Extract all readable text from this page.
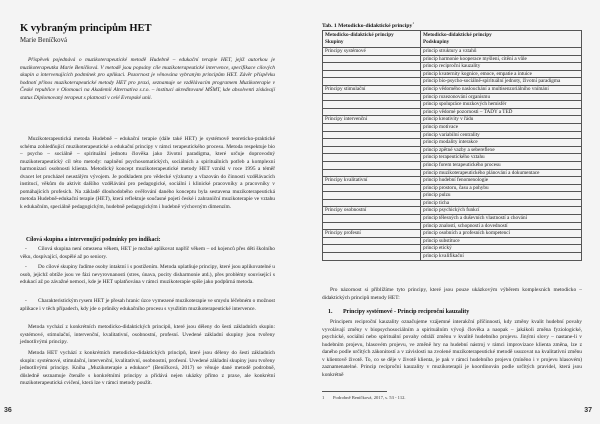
K vybraným principům HET
Marie Beníčková
Příspěvek pojednává o muzikoterapeutické metodě Hudebně – edukační terapie HET, jejíž autorkou je muzikoterapeutka Marie Beníčková. V metodě jsou popsány cíle muzikoterapeutické intervence, specifikace cílových skupin a intervenujících podmínek pro aplikaci. Pozornost je věnována vybraným principům HET. Závěr příspěvku hodnotí přínos muzikoterapeutické metody HET pro praxi, seznamuje se vzdělávacím programem Muzikoterapie v České republice v Olomouci na Akademii Alternativa s.r.o. – instituci akreditované MŠMT, kde absolventi získávají status Diplomovaný terapeut s platností v celé Evropské unii.
Muzikoterapeutická metoda Hudebně – edukační terapie (dále také HET) je systémově teoreticko-praktické schéma zohledňující muzikoterapeutické a edukační principy v rámci terapeutického procesu. Metoda respektuje bio – psycho – sociálně – spirituální jednotu člověka jako životní paradigma, které určuje doprovodný muzikoterapeutický cíl této metody: naplnění psychosomatických, sociálních a spirituálních potřeb a komplexní harmonizaci osobnosti klienta. Metodický koncept muzikoterapeutické metody HET vznikl v roce 1995 a téměř dvacet let procházel neustálým vývojem. Je podkladem pro vědecké výzkumy a vřazován do činnosti vzdělávacích institucí, věkům do aktivit dalšího vzdělávání pro pedagogické, sociální i klinické pracovníky a pracovníky v pomáhajících profesích. Na základě dlouhodobého ověřování daného konceptu byla sestavena muzikoterapeutická metoda Hudebně-edukační terapie (HET), která reflektuje současné pojetí české i zahraniční muzikoterapie ve vztahu k edukačním, speciálně pedagogickým, hudebně pedagogickým i hudebně výchovným dimenzím.
Cílová skupina a intervenující podmínky pro indikaci:
- Cílová skupina není omezena věkem, HET je možné aplikovat napříč věkem – od kojenců přes děti školního věku, dospívající, dospělé až po seniory.
- Do cílové skupiny řadíme osoby intaktní i s postižením. Metoda uplatňuje principy, které jsou aplikovatelné u osob, jejichž obtíže jsou ve fázi nevyrovnanosti (stres, únava, pocity disharmonie atd.), přes problémy související s edukací až po závažné nemoci, kde je HET uplatňována v rámci muzikoterapie spíše jako podpůrná metoda.
- Charakteristickým rysem HET je přesah hranic úzce vymezené muzikoterapie ve smyslu léčebném o možnost aplikace i v těch případech, kdy jde o průniky edukačního procesu s využitím muzikoterapeutické intervence.
Metoda vychází z konkrétních metodicko-didaktických principů, které jsou děleny do šesti základních skupin: systémové, stimulační, intervenční, kvalitativní, osobnostní, profesní. Uvedené základní skupiny jsou tvořeny jednotlivými principy.
Metoda HET vychází z konkrétních metodicko-didaktických principů, které jsou děleny do šesti základních skupin: systémové, stimulační, intervenční, kvalitativní, osobnostní, profesní. Uvedené základní skupiny jsou tvořeny jednotlivými principy. Kniha „Muzikoterapie a edukace“ (Beníčková, 2017) se věnuje dané metodě podrobně, důsledně seznamuje čtenáře s konkrétními principy a přidává nejen ukázky přímo z praxe, ale konkrétní muzikoterapeutická cvičení, která lze v rámci metody použít.
36
Tab. 1 Metodicko-didaktické principy$^1$
Metodicko-didaktické principy
Skupiny

Metodicko-didaktické principy
Podskupiny

Principy systémové	princip struktury a vztahů
	princip harmonie kooperace myšlení, cítění a vůle
	princip reciproční kauzality
	princip kvaternity kognice, emoce, empatie a intuice
	princip bio-psycho-sociálně-spirituální jednoty, životní paradigma
Principy stimulační	princip vědomého naslouchání a multisenzoriálního vnímání
	princip rozezonování organismu
	princip spolupráce mozkových hemisfér
	princip vědomé pozornosti – TADY a TEĎ
Principy intervenční	princip kreativity v řádu
	princip motivace
	princip variabilní centrality
	princip modality interakce
	princip zpětné vazby a sebereflexe
	princip terapeutického vztahu
	princip forem terapeutického procesu
	princip muzikoterapeutického plánování a dokumentace
Principy kvalitativní	princip hudební fenomenologie
	princip prostoru, času a pohybu
	princip pulzu
	princip ticha
Principy osobnostní	princip psychických funkcí
	princip tělesných a duševních vlastností a chování
	princip znalostí, schopností a dovedností
Principy profesní	princip osobních a profesních kompetencí
	princip substituce
	princip etický
	princip kvalifikační
Pro názornost si přiblížíme tyto principy, které jsou pouze ukázkovým výběrem komplexních metodicko – didaktických principů metody HET:
1. Principy systémové - Princip reciproční kauzality
Principem reciproční kauzality označujeme vzájemné interakční příčinnosti, kdy změny kvalit hudební povahy vyvolávají změny v biopsychosociálním a spirituálním vývoji člověka a naopak – jakákoli změna fyziologické, psychické, sociální nebo spirituální povahy odráží změnu v kvalitě hudebního projevu. Jinými slovy – nastane-li v hudebním projevu, hlasovém projevu, ve změně hry na hudební nástroj v rámci improvizace klienta změna, lze z daného podle určitých zákonitostí a v závislosti na zvolené muzikoterapeutické metodě usuzovat na kvalitativní změnu v klientově životě. To, co se děje v životě klienta, je pak v rámci hudebního projevu (míněno i v projevu hlasovém) zaznamenatelné. Princip reciproční kauzality v muzikoterapii je koordinován podle určitých pravidel, která jsou konkrétně
1 Podrobně Beníčková, 2017, s. 53 - 112.
37
